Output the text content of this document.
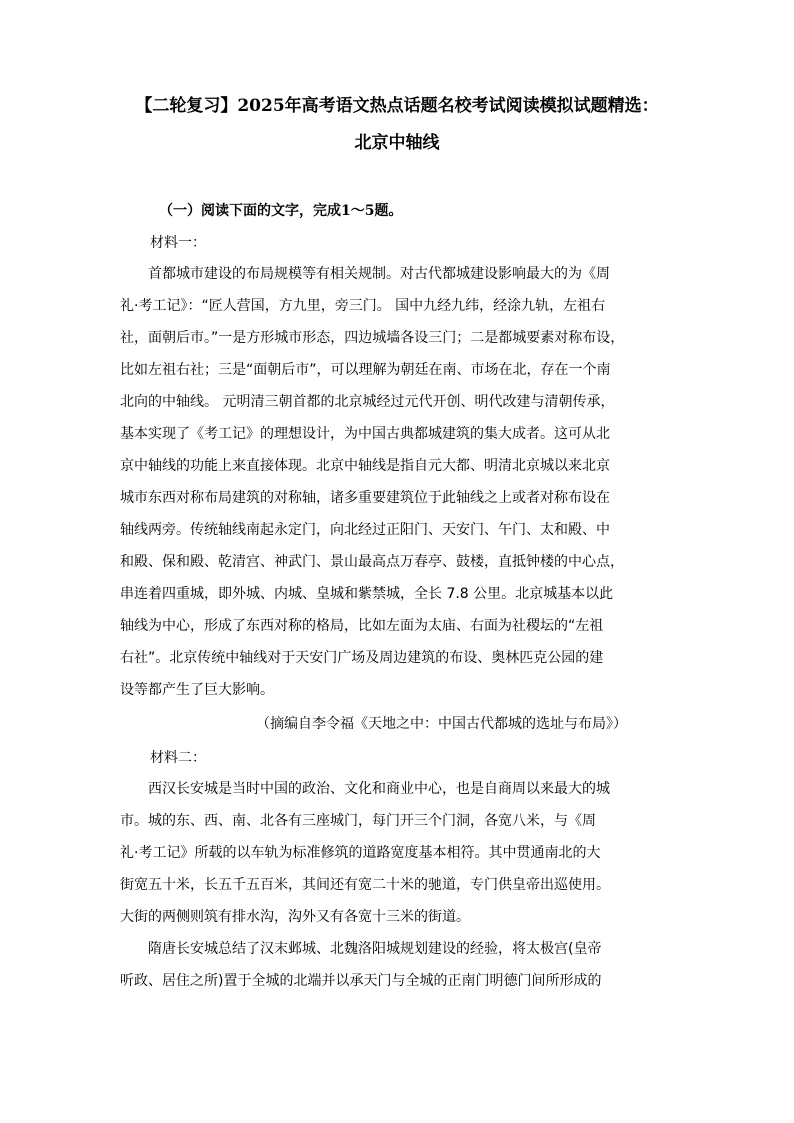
【二轮复习】2025年高考语文热点话题名校考试阅读模拟试题精选：
北京中轴线
（一）阅读下面的文字，完成1～5题。
材料一：
　　首都城市建设的布局规模等有相关规制。对古代都城建设影响最大的为《周
礼·考工记》：“匠人营国，方九里，旁三门。 国中九经九纬，经涂九轨，左祖右
社，面朝后市。”一是方形城市形态，四边城墙各设三门；二是都城要素对称布设，
比如左祖右社；三是“面朝后市”，可以理解为朝廷在南、市场在北，存在一个南
北向的中轴线。 元明清三朝首都的北京城经过元代开创、明代改建与清朝传承，
基本实现了《考工记》的理想设计，为中国古典都城建筑的集大成者。这可从北
京中轴线的功能上来直接体现。北京中轴线是指自元大都、明清北京城以来北京
城市东西对称布局建筑的对称轴，诸多重要建筑位于此轴线之上或者对称布设在
轴线两旁。传统轴线南起永定门，向北经过正阳门、天安门、午门、太和殿、中
和殿、保和殿、乾清宫、神武门、景山最高点万春亭、鼓楼，直抵钟楼的中心点，
串连着四重城，即外城、内城、皇城和紫禁城，全长 7.8 公里。北京城基本以此
轴线为中心，形成了东西对称的格局，比如左面为太庙、右面为社稷坛的“左祖
右社”。北京传统中轴线对于天安门广场及周边建筑的布设、奥林匹克公园的建
设等都产生了巨大影响。
（摘编自李令福《天地之中：中国古代都城的选址与布局》）
材料二：
　　西汉长安城是当时中国的政治、文化和商业中心，也是自商周以来最大的城
市。城的东、西、南、北各有三座城门，每门开三个门洞，各宽八米，与《周
礼·考工记》所载的以车轨为标准修筑的道路宽度基本相符。其中贯通南北的大
街宽五十米，长五千五百米，其间还有宽二十米的驰道，专门供皇帝出巡使用。
大街的两侧则筑有排水沟，沟外又有各宽十三米的街道。
　　隋唐长安城总结了汉末邺城、北魏洛阳城规划建设的经验，将太极宫(皇帝
听政、居住之所)置于全城的北端并以承天门与全城的正南门明德门间所形成的
